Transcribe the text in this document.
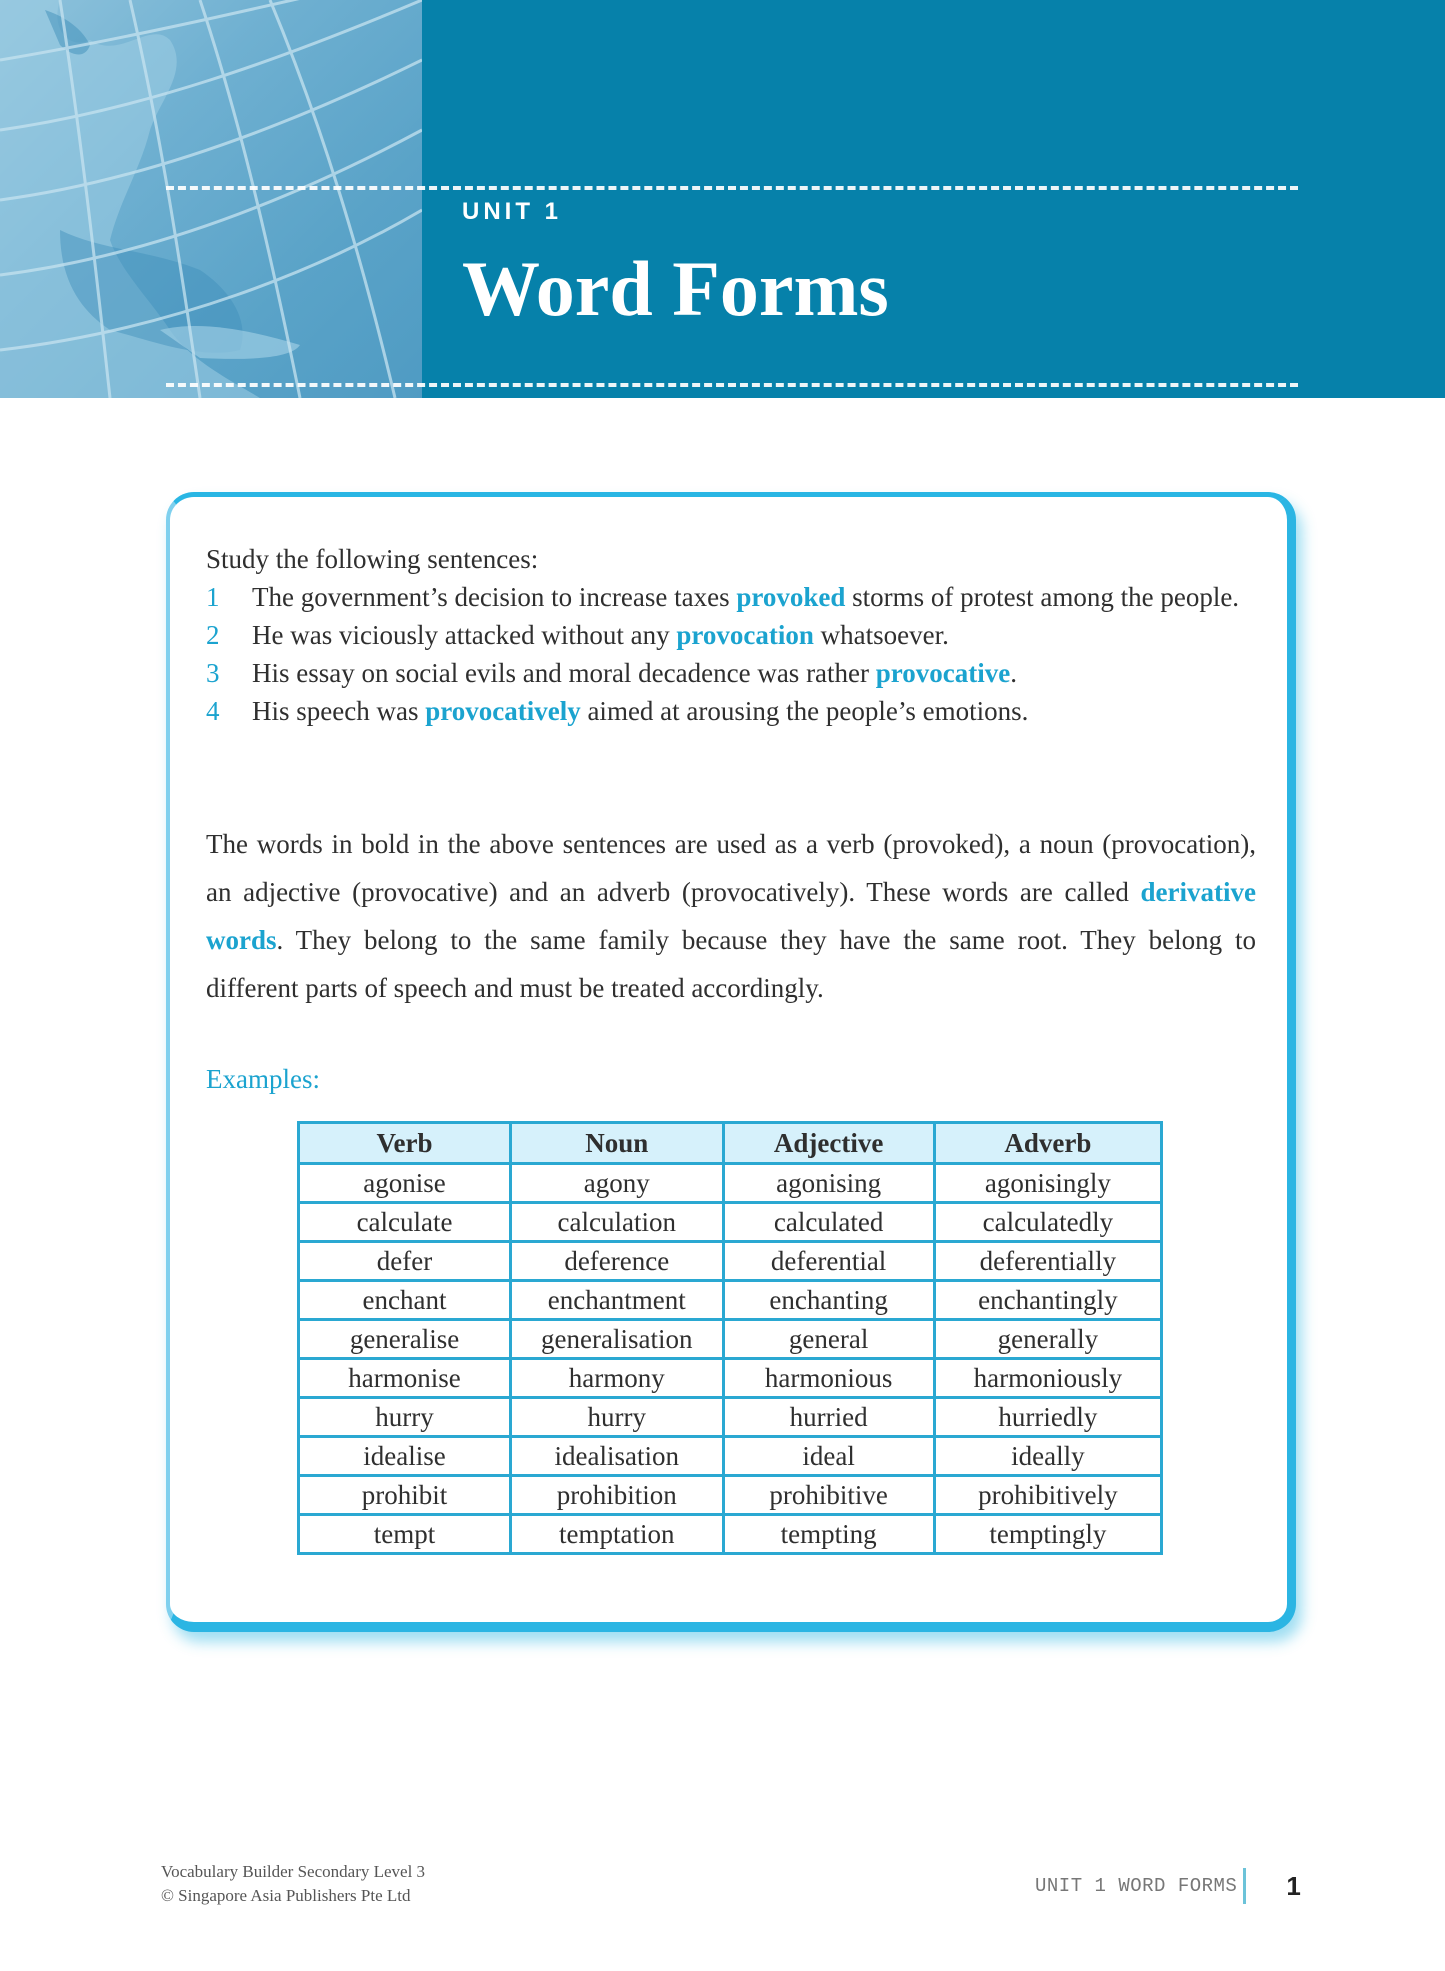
UNIT 1
Word Forms
Study the following sentences:
1	The government’s decision to increase taxes provoked storms of protest among the people.
2	He was viciously attacked without any provocation whatsoever.
3	His essay on social evils and moral decadence was rather provocative.
4	His speech was provocatively aimed at arousing the people’s emotions.

The words in bold in the above sentences are used as a verb (provoked), a noun (provocation), an adjective (provocative) and an adverb (provocatively). These words are called derivative words. They belong to the same family because they have the same root. They belong to different parts of speech and must be treated accordingly.

Examples:
Verb	Noun	Adjective	Adverb
agonise	agony	agonising	agonisingly
calculate	calculation	calculated	calculatedly
defer	deference	deferential	deferentially
enchant	enchantment	enchanting	enchantingly
generalise	generalisation	general	generally
harmonise	harmony	harmonious	harmoniously
hurry	hurry	hurried	hurriedly
idealise	idealisation	ideal	ideally
prohibit	prohibition	prohibitive	prohibitively
tempt	temptation	tempting	temptingly
Vocabulary Builder Secondary Level 3
© Singapore Asia Publishers Pte Ltd	UNIT 1 WORD FORMS 1
